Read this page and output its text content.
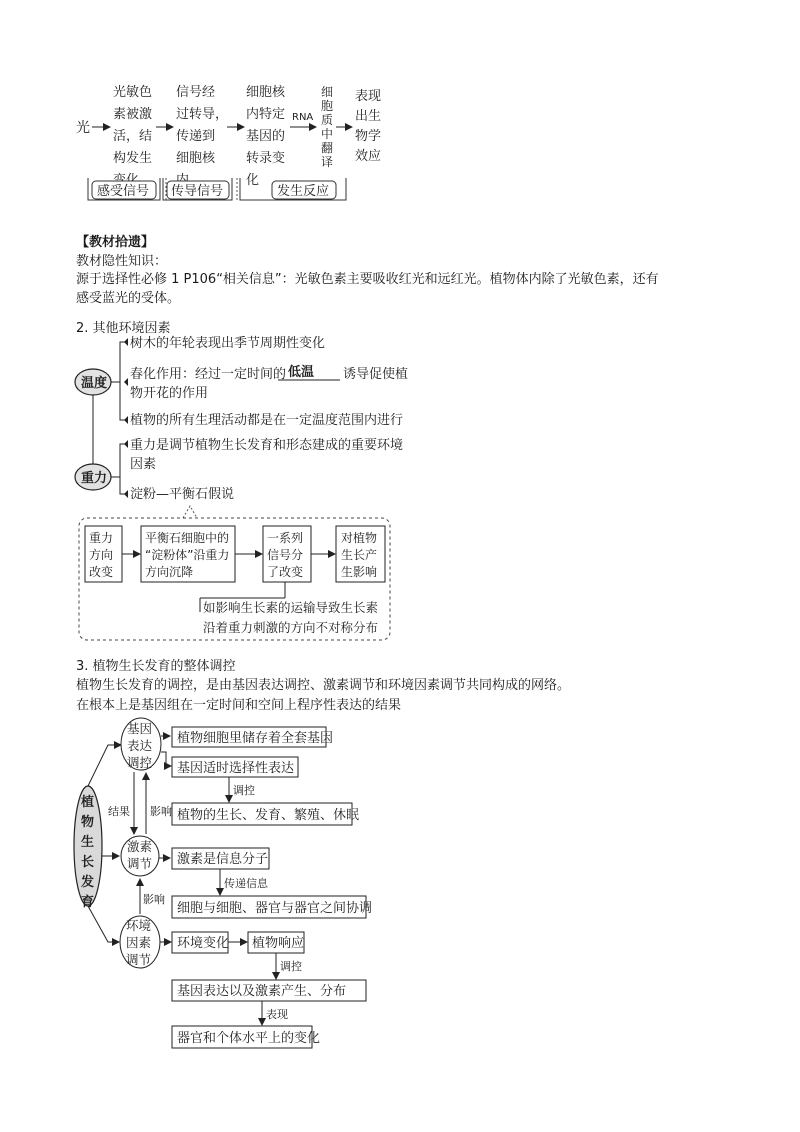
光
光敏色
素被激
活，结
构发生
信号经
过转导，
传递到
细胞核
细胞核
内特定
基因的
转录变
化
RNA
细
胞
质
中
翻
译
表现
出生
物学
效应
感受信号 传导信号	发生反应
温度
树木的年轮表现出季节周期性变化
春化作用：经过一定时间的 低温 诱导促使植
物开花的作用
植物的所有生理活动都是在一定温度范围内进行
重力
重力是调节植物生长发育和形态建成的重要环境
因素
淀粉—平衡石假说
重力
方向
改变
平衡石细胞中的
“淀粉体”沿重力
方向沉降
一系列
信号分
了改变
对植物
生长产
生影响
如影响生长素的运输导致生长素
沿着重力刺激的方向不对称分布
植
物
生
长
发
育
基因
表达
调控
激素
调节
环境
因素
调节
结果 影响
影响
植物细胞里储存着全套基因
基因适时选择性表达
调控
植物的生长、发育、繁殖、休眠
激素是信息分子
传递信息
细胞与细胞、器官与器官之间协调
环境变化 植物响应
调控
基因表达以及激素产生、分布
表现
器官和个体水平上的变化
【教材拾遗】
教材隐性知识：
源于选择性必修 1 P106“相关信息”：光敏色素主要吸收红光和远红光。植物体内除了光敏色素，还有
感受蓝光的受体。
2. 其他环境因素
3. 植物生长发育的整体调控
植物生长发育的调控，是由基因表达调控、激素调节和环境因素调节共同构成的网络。
在根本上是基因组在一定时间和空间上程序性表达的结果
